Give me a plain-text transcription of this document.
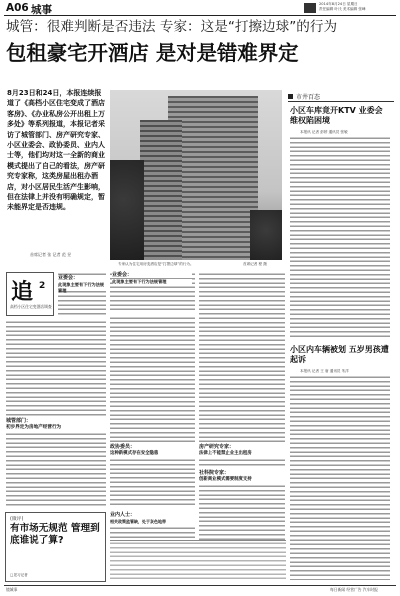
A06 城事	2014年8月24日 星期日
责任编辑 叶氏 美术编辑 张峰
城管：很难判断是否违法 专家：这是“打擦边球”的行为
包租豪宅开酒店 是对是错难界定
8月23日和24日，本报连续报道了《高档小区住宅变成了酒店客房》、《办业私房公开出租上万多处》等系列报道，本报记者采访了城管部门、房产研究专家、小区业委会、政协委员、业内人士等，他们均对这一全新的商业模式提出了自己的看法，房产研究专家称，这类房屋出租办酒店，对小区居民生活产生影响，但在法律上并没有明确规定，暂未能界定是否违规。
首席记者 张 记者 范 昱
专家认为住宅用房变酒店是“打擦边球”的行为。	首席记者 程 摄
市井百态
小区车库竟开KTV 业委会维权陷困境
本报讯 记者 彭婷 通讯员 张敏
小区内车辆被划 五岁男孩遭起诉
本报讯 记者 王 唐 通讯员 朱洋
追 2
高档小区住宅变酒店调查
业委会：
此现象主要有下行为法规管理
城管部门：
初步界定为房地产经营行为
业委会：
此现象主要有下行为法规管理
政协委员：
这种新模式存在安全隐患
业内人士：
相关政策监管缺，处于灰色地带
房产研究专家：
法律上不能禁止业主出租房
社科院专家：
创新商业模式需要制度支持
(微评)
有市场无规范 管理到底谁说了算?
□见习记者
镜城事	每日新闻 经营广告 汽车时报
